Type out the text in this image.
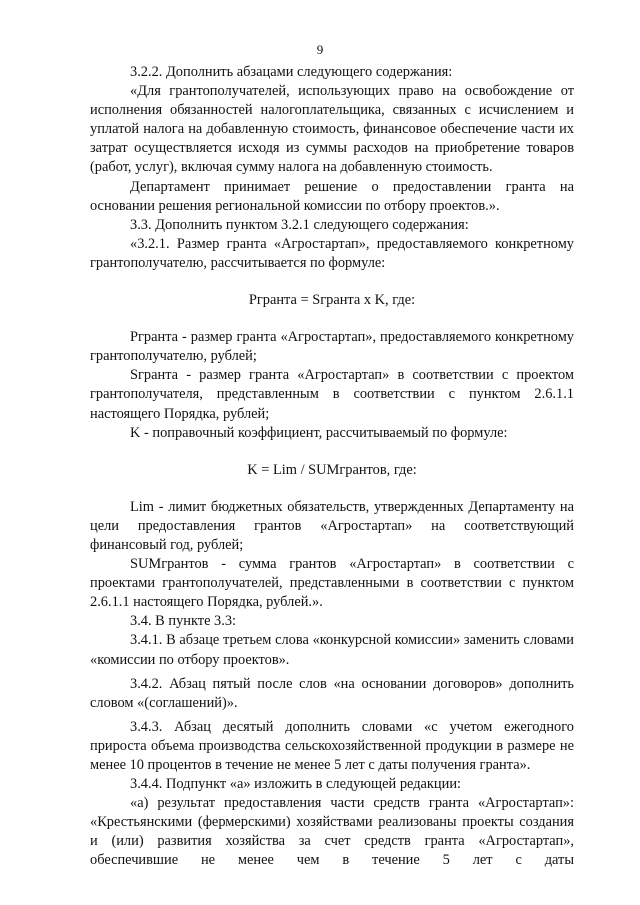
9

3.2.2. Дополнить абзацами следующего содержания:

«Для грантополучателей, использующих право на освобождение от исполнения обязанностей налогоплательщика, связанных с исчислением и уплатой налога на добавленную стоимость, финансовое обеспечение части их затрат осуществляется исходя из суммы расходов на приобретение товаров (работ, услуг), включая сумму налога на добавленную стоимость.

Департамент принимает решение о предоставлении гранта на основании решения региональной комиссии по отбору проектов.».

3.3. Дополнить пунктом 3.2.1 следующего содержания:

«3.2.1. Размер гранта «Агростартап», предоставляемого конкретному грантополучателю, рассчитывается по формуле:

Pгранта = Sгранта x K, где:

Pгранта - размер гранта «Агростартап», предоставляемого конкретному грантополучателю, рублей;

Sгранта - размер гранта «Агростартап» в соответствии с проектом грантополучателя, представленным в соответствии с пунктом 2.6.1.1 настоящего Порядка, рублей;

K - поправочный коэффициент, рассчитываемый по формуле:

K = Lim / SUMгрантов, где:

Lim - лимит бюджетных обязательств, утвержденных Департаменту на цели предоставления грантов «Агростартап» на соответствующий финансовый год, рублей;

SUMгрантов - сумма грантов «Агростартап» в соответствии с проектами грантополучателей, представленными в соответствии с пунктом 2.6.1.1 настоящего Порядка, рублей.».

3.4. В пункте 3.3:

3.4.1. В абзаце третьем слова «конкурсной комиссии» заменить словами «комиссии по отбору проектов».

3.4.2. Абзац пятый после слов «на основании договоров» дополнить словом «(соглашений)».

3.4.3. Абзац десятый дополнить словами «с учетом ежегодного прироста объема производства сельскохозяйственной продукции в размере не менее 10 процентов в течение не менее 5 лет с даты получения гранта».

3.4.4. Подпункт «а» изложить в следующей редакции:

«а) результат предоставления части средств гранта «Агростартап»: «Крестьянскими (фермерскими) хозяйствами реализованы проекты создания и (или) развития хозяйства за счет средств гранта «Агростартап», обеспечившие не менее чем в течение 5 лет с даты
